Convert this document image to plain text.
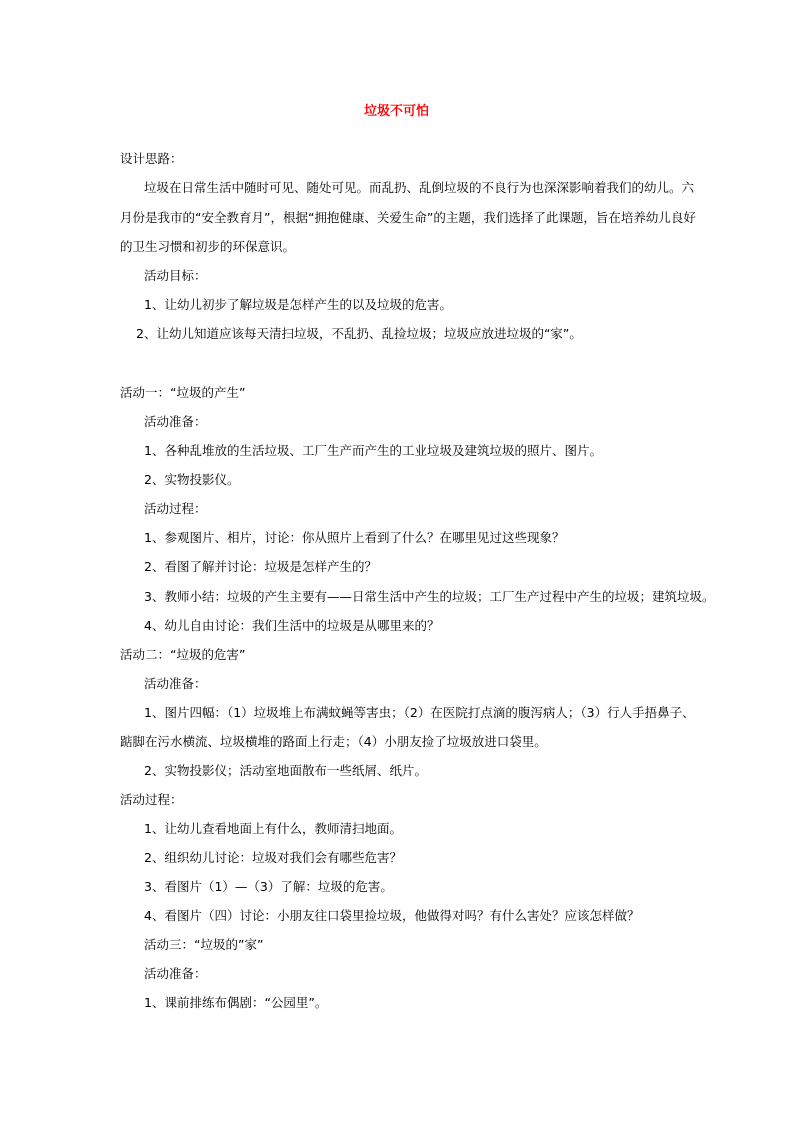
垃圾不可怕
设计思路：
垃圾在日常生活中随时可见、随处可见。而乱扔、乱倒垃圾的不良行为也深深影响着我们的幼儿。六
月份是我市的“安全教育月”，根据“拥抱健康、关爱生命”的主题，我们选择了此课题，旨在培养幼儿良好
的卫生习惯和初步的环保意识。
活动目标：
1、让幼儿初步了解垃圾是怎样产生的以及垃圾的危害。
2、让幼儿知道应该每天清扫垃圾，不乱扔、乱捡垃圾；垃圾应放进垃圾的“家”。
活动一：“垃圾的产生”
活动准备：
1、各种乱堆放的生活垃圾、工厂生产而产生的工业垃圾及建筑垃圾的照片、图片。
2、实物投影仪。
活动过程：
1、参观图片、相片，讨论：你从照片上看到了什么？在哪里见过这些现象？
2、看图了解并讨论：垃圾是怎样产生的？
3、教师小结：垃圾的产生主要有——日常生活中产生的垃圾；工厂生产过程中产生的垃圾；建筑垃圾。
4、幼儿自由讨论：我们生活中的垃圾是从哪里来的？
活动二：“垃圾的危害”
活动准备：
1、图片四幅：（1）垃圾堆上布满蚊蝇等害虫；（2）在医院打点滴的腹泻病人；（3）行人手捂鼻子、
踮脚在污水横流、垃圾横堆的路面上行走；（4）小朋友捡了垃圾放进口袋里。
2、实物投影仪；活动室地面散布一些纸屑、纸片。
活动过程：
1、让幼儿查看地面上有什么，教师清扫地面。
2、组织幼儿讨论：垃圾对我们会有哪些危害？
3、看图片（1）—（3）了解：垃圾的危害。
4、看图片（四）讨论：小朋友往口袋里捡垃圾，他做得对吗？有什么害处？应该怎样做？
活动三：“垃圾的”家”
活动准备：
1、课前排练布偶剧：“公园里”。
